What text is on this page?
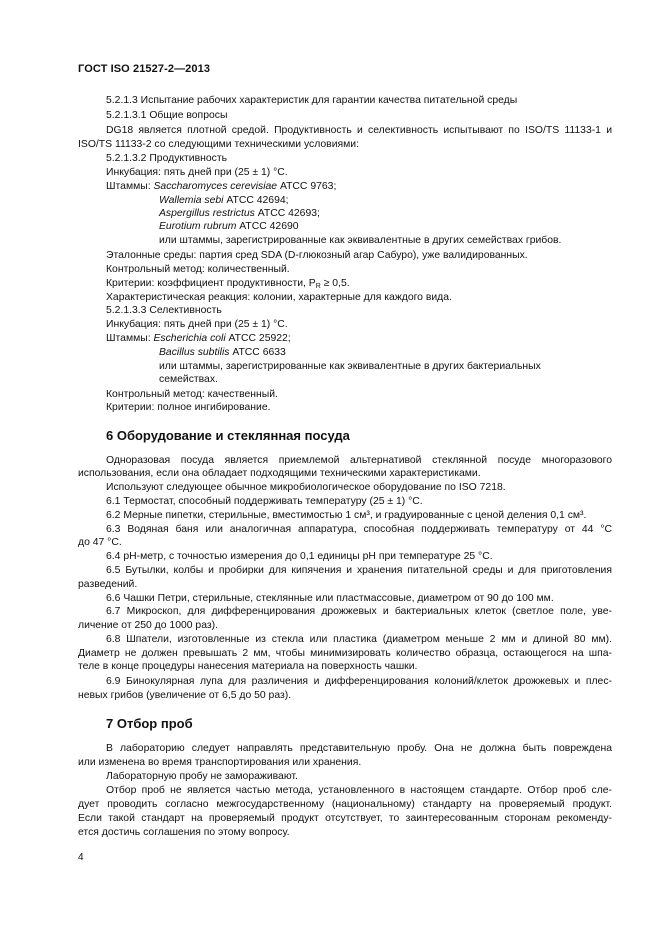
ГОСТ ISO 21527-2—2013
5.2.1.3 Испытание рабочих характеристик для гарантии качества питательной среды
5.2.1.3.1 Общие вопросы
DG18 является плотной средой. Продуктивность и селективность испытывают по ISO/TS 11133-1 и
ISO/TS 11133-2 со следующими техническими условиями:
5.2.1.3.2 Продуктивность
Инкубация: пять дней при (25 ± 1) °С.
Штаммы: Saccharomyces cerevisiae АТСС 9763;
Wallemia sebi АТСС 42694;
Aspergillus restrictus АТСС 42693;
Eurotium rubrum АТСС 42690
или штаммы, зарегистрированные как эквивалентные в других семействах грибов.
Эталонные среды: партия сред SDA (D-глюкозный агар Сабуро), уже валидированных.
Контрольный метод: количественный.
Критерии: коэффициент продуктивности, $P_R \ge 0,5$.
Характеристическая реакция: колонии, характерные для каждого вида.
5.2.1.3.3 Селективность
Инкубация: пять дней при (25 ± 1) °С.
Штаммы: Escherichia coli АТСС 25922;
Bacillus subtilis АТСС 6633
или штаммы, зарегистрированные как эквивалентные в других бактериальных
семействах.
Контрольный метод: качественный.
Критерии: полное ингибирование.
6 Оборудование и стеклянная посуда
Одноразовая посуда является приемлемой альтернативой стеклянной посуде многоразового
использования, если она обладает подходящими техническими характеристиками.
Используют следующее обычное микробиологическое оборудование по ISO 7218.
6.1 Термостат, способный поддерживать температуру (25 ± 1) °С.
6.2 Мерные пипетки, стерильные, вместимостью 1 см³, и градуированные с ценой деления 0,1 см³.
6.3 Водяная баня или аналогичная аппаратура, способная поддерживать температуру от 44 °С
до 47 °С.
6.4 pH-метр, с точностью измерения до 0,1 единицы pH при температуре 25 °С.
6.5 Бутылки, колбы и пробирки для кипячения и хранения питательной среды и для приготовления
разведений.
6.6 Чашки Петри, стерильные, стеклянные или пластмассовые, диаметром от 90 до 100 мм.
6.7 Микроскоп, для дифференцирования дрожжевых и бактериальных клеток (светлое поле, уве-
личение от 250 до 1000 раз).
6.8 Шпатели, изготовленные из стекла или пластика (диаметром меньше 2 мм и длиной 80 мм).
Диаметр не должен превышать 2 мм, чтобы минимизировать количество образца, остающегося на шпа-
теле в конце процедуры нанесения материала на поверхность чашки.
6.9 Бинокулярная лупа для различения и дифференцирования колоний/клеток дрожжевых и плес-
невых грибов (увеличение от 6,5 до 50 раз).
7 Отбор проб
В лабораторию следует направлять представительную пробу. Она не должна быть повреждена
или изменена во время транспортирования или хранения.
Лабораторную пробу не замораживают.
Отбор проб не является частью метода, установленного в настоящем стандарте. Отбор проб сле-
дует проводить согласно межгосударственному (национальному) стандарту на проверяемый продукт.
Если такой стандарт на проверяемый продукт отсутствует, то заинтересованным сторонам рекоменду-
ется достичь соглашения по этому вопросу.
4
